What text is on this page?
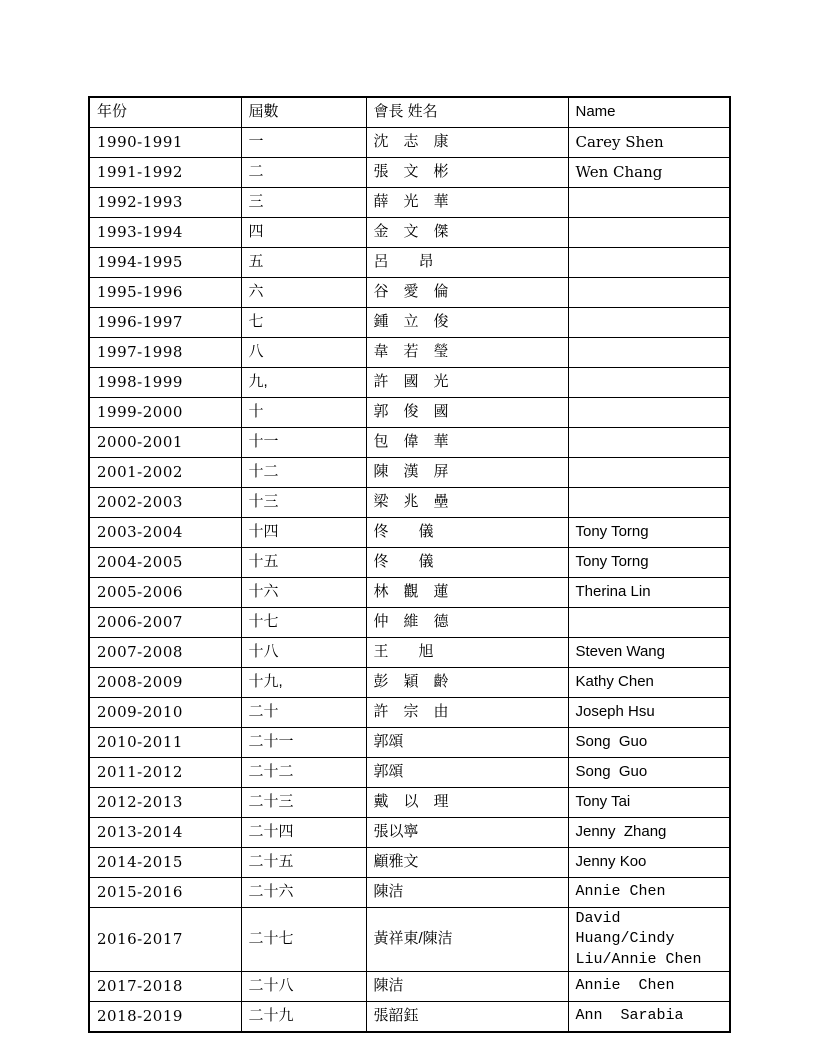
年份	屆數	會長 姓名	Name
1990-1991	一	沈　志　康	Carey Shen
1991-1992	二	張　文　彬	Wen Chang
1992-1993	三	薛　光　華	
1993-1994	四	金　文　傑	
1994-1995	五	呂　　昂	
1995-1996	六	谷　愛　倫	
1996-1997	七	鍾　立　俊	
1997-1998	八	韋　若　瑩	
1998-1999	九,	許　國　光	
1999-2000	十	郭　俊　國	
2000-2001	十一	包　偉　華	
2001-2002	十二	陳　漢　屏	
2002-2003	十三	梁　兆　壘	
2003-2004	十四	佟　　儀	Tony Torng
2004-2005	十五	佟　　儀	Tony Torng
2005-2006	十六	林　觀　蓮	Therina Lin
2006-2007	十七	仲　維　德	
2007-2008	十八	王　　旭	Steven Wang
2008-2009	十九,	彭　穎　齡	Kathy Chen
2009-2010	二十	許　宗　由	Joseph Hsu
2010-2011	二十一	郭頌	Song  Guo
2011-2012	二十二	郭頌	Song  Guo
2012-2013	二十三	戴　以　理	Tony Tai
2013-2014	二十四	張以寧	Jenny  Zhang
2014-2015	二十五	顧雅文	Jenny Koo
2015-2016	二十六	陳洁	Annie Chen
2016-2017	二十七	黃祥東/陳洁	David Huang/Cindy Liu/Annie Chen
2017-2018	二十八	陳洁	Annie  Chen
2018-2019	二十九	張韶鈺	Ann  Sarabia
